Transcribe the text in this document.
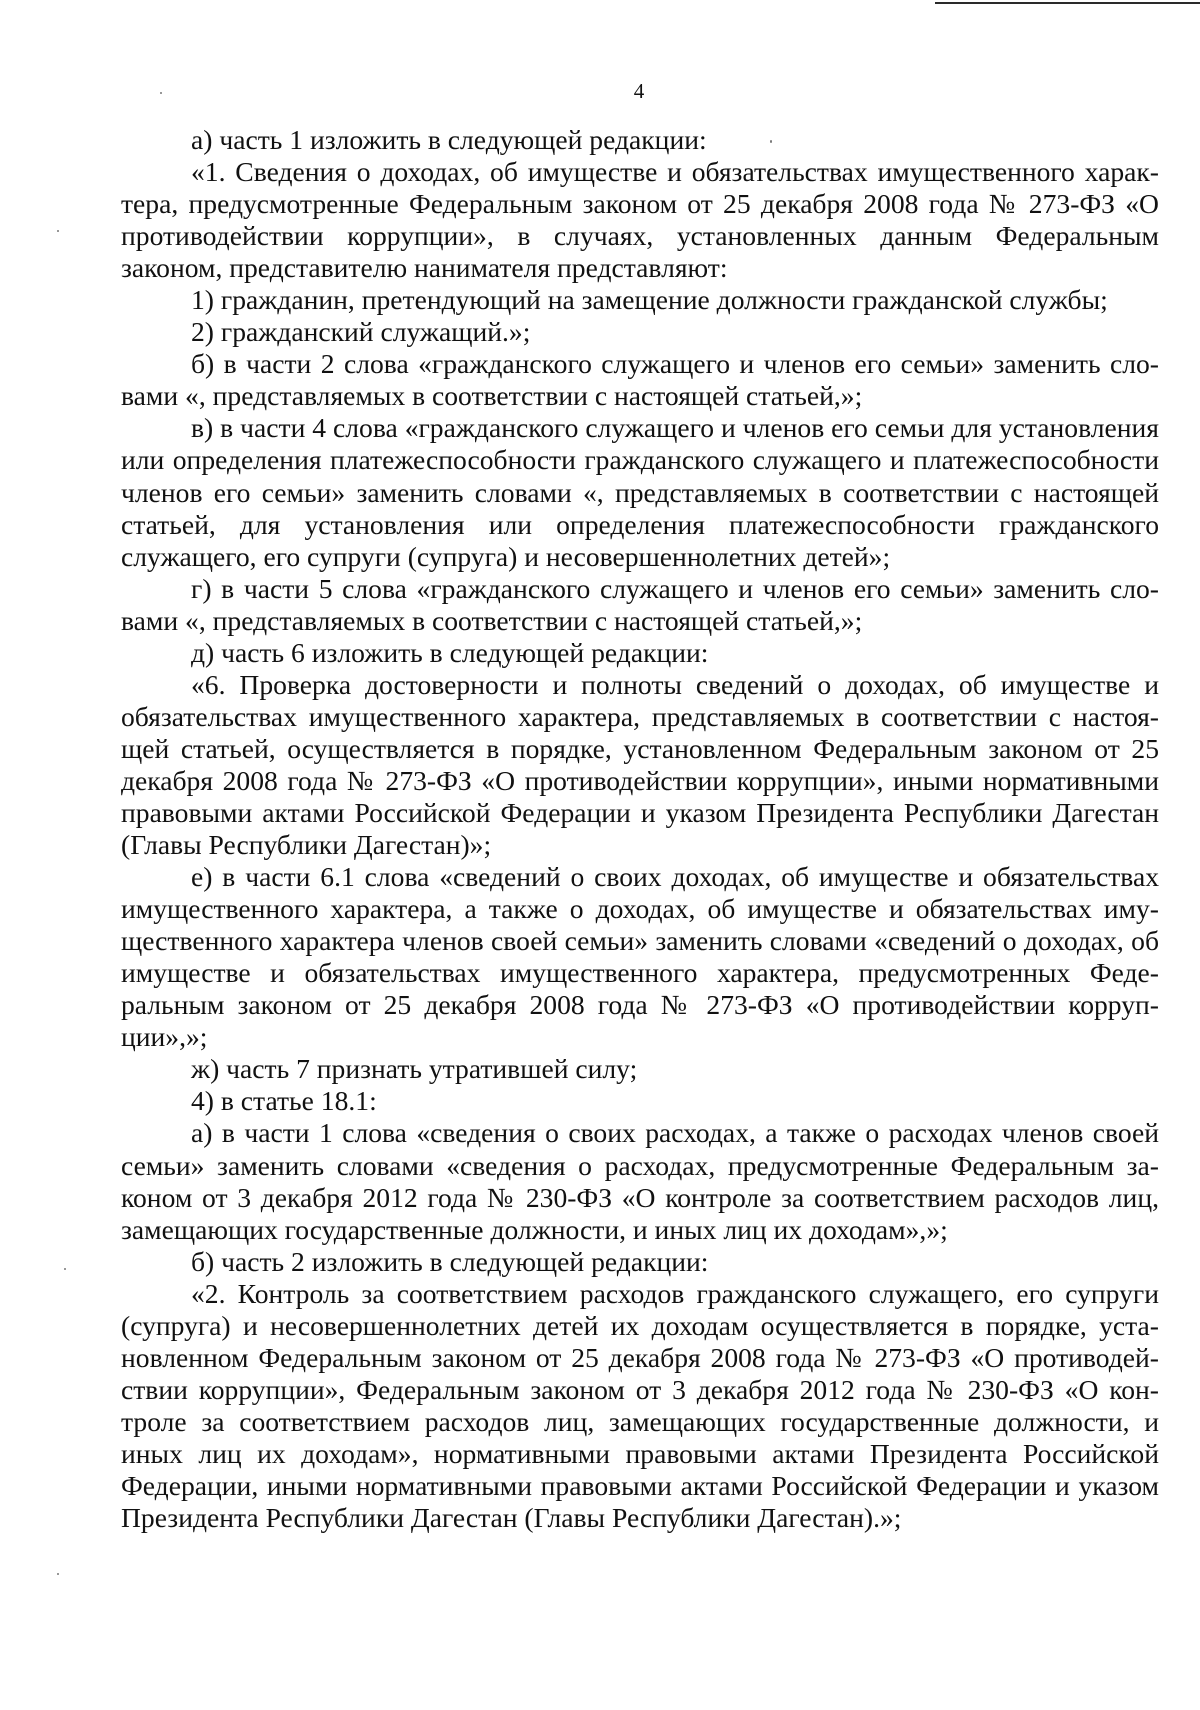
4

а) часть 1 изложить в следующей редакции:

«1. Сведения о доходах, об имуществе и обязательствах имущественного характера, предусмотренные Федеральным законом от 25 декабря 2008 года № 273-ФЗ «О противодействии коррупции», в случаях, установленных данным Федеральным законом, представителю нанимателя представляют:

1) гражданин, претендующий на замещение должности гражданской службы;

2) гражданский служащий.»;

б) в части 2 слова «гражданского служащего и членов его семьи» заменить словами «, представляемых в соответствии с настоящей статьей,»;

в) в части 4 слова «гражданского служащего и членов его семьи для установления или определения платежеспособности гражданского служащего и платежеспособности членов его семьи» заменить словами «, представляемых в соответствии с настоящей статьей, для установления или определения платежеспособности гражданского служащего, его супруги (супруга) и несовершеннолетних детей»;

г) в части 5 слова «гражданского служащего и членов его семьи» заменить словами «, представляемых в соответствии с настоящей статьей,»;

д) часть 6 изложить в следующей редакции:

«6. Проверка достоверности и полноты сведений о доходах, об имуществе и обязательствах имущественного характера, представляемых в соответствии с настоящей статьей, осуществляется в порядке, установленном Федеральным законом от 25 декабря 2008 года № 273-ФЗ «О противодействии коррупции», иными нормативными правовыми актами Российской Федерации и указом Президента Республики Дагестан (Главы Республики Дагестан)»;

е) в части 6.1 слова «сведений о своих доходах, об имуществе и обязательствах имущественного характера, а также о доходах, об имуществе и обязательствах имущественного характера членов своей семьи» заменить словами «сведений о доходах, об имуществе и обязательствах имущественного характера, предусмотренных Федеральным законом от 25 декабря 2008 года № 273-ФЗ «О противодействии коррупции»,»;

ж) часть 7 признать утратившей силу;

4) в статье 18.1:

а) в части 1 слова «сведения о своих расходах, а также о расходах членов своей семьи» заменить словами «сведения о расходах, предусмотренные Федеральным законом от 3 декабря 2012 года № 230-ФЗ «О контроле за соответствием расходов лиц, замещающих государственные должности, и иных лиц их доходам»,»;

б) часть 2 изложить в следующей редакции:

«2. Контроль за соответствием расходов гражданского служащего, его супруги (супруга) и несовершеннолетних детей их доходам осуществляется в порядке, установленном Федеральным законом от 25 декабря 2008 года № 273-ФЗ «О противодействии коррупции», Федеральным законом от 3 декабря 2012 года № 230-ФЗ «О контроле за соответствием расходов лиц, замещающих государственные должности, и иных лиц их доходам», нормативными правовыми актами Президента Российской Федерации, иными нормативными правовыми актами Российской Федерации и указом Президента Республики Дагестан (Главы Республики Дагестан).»;
